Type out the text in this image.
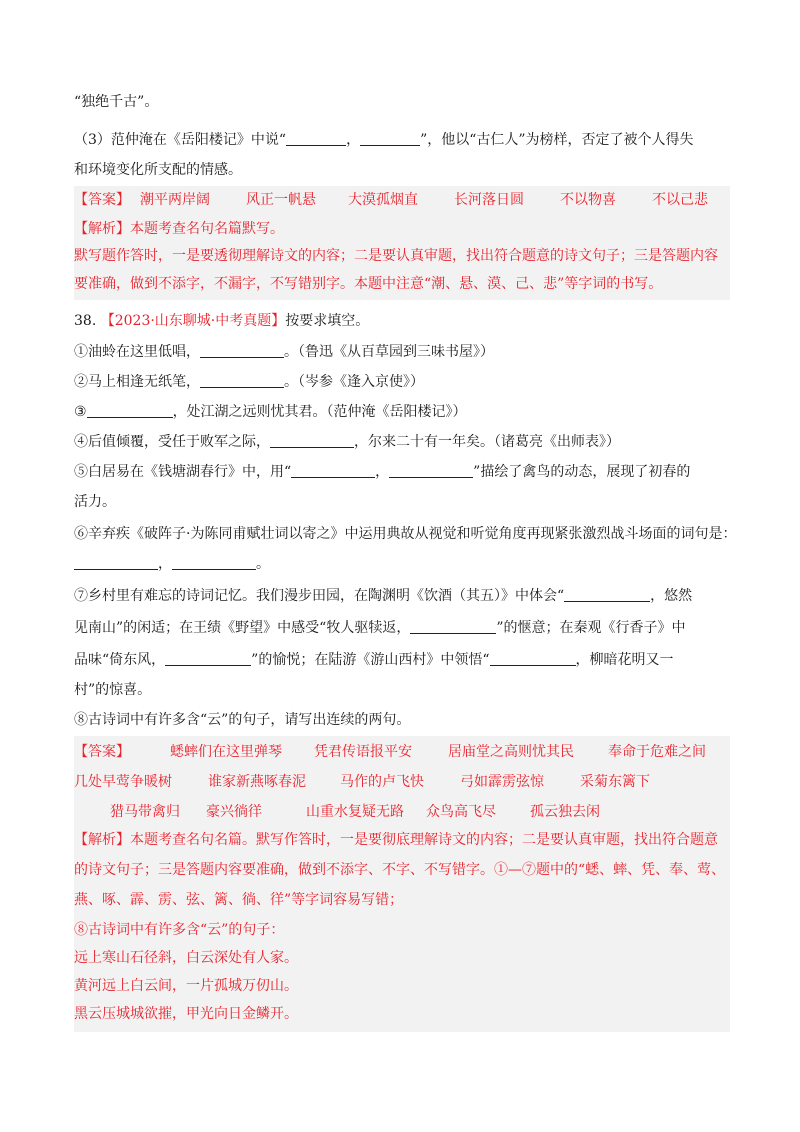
“独绝千古”。
（3）范仲淹在《岳阳楼记》中说“	，	”，他以“古仁人”为榜样，否定了被个人得失
和环境变化所支配的情感。
【答案】 潮平两岸阔	风正一帆悬 大漠孤烟直	长河落日圆	不以物喜	不以己悲
【解析】本题考查名句名篇默写。
默写题作答时，一是要透彻理解诗文的内容；二是要认真审题，找出符合题意的诗文句子；三是答题内容
要准确，做到不添字，不漏字，不写错别字。本题中注意“潮、悬、漠、己、悲”等字词的书写。
38. 【2023·山东聊城·中考真题】按要求填空。
①油蛉在这里低唱，	。（鲁迅《从百草园到三味书屋》）
②马上相逢无纸笔，	。（岑参《逢入京使》）
③	，处江湖之远则忧其君。（范仲淹《岳阳楼记》）
④后值倾覆，受任于败军之际，	，尔来二十有一年矣。（诸葛亮《出师表》）
⑤白居易在《钱塘湖春行》中，用“	，	”描绘了禽鸟的动态，展现了初春的
活力。
⑥辛弃疾《破阵子·为陈同甫赋壮词以寄之》中运用典故从视觉和听觉角度再现紧张激烈战斗场面的词句是：
，	。
⑦乡村里有难忘的诗词记忆。我们漫步田园，在陶渊明《饮酒（其五）》中体会“	，悠然
见南山”的闲适；在王绩《野望》中感受“牧人驱犊返，	”的惬意；在秦观《行香子》中
品味“倚东风，	”的愉悦；在陆游《游山西村》中领悟“	，柳暗花明又一
村”的惊喜。
⑧古诗词中有许多含“云”的句子，请写出连续的两句。
【答案】	蟋蟀们在这里弹琴 凭君传语报平安	居庙堂之高则忧其民 奉命于危难之间
几处早莺争暖树	谁家新燕啄春泥 马作的卢飞快	弓如霹雳弦惊	采菊东篱下
猎马带禽归 豪兴徜徉	山重水复疑无路 众鸟高飞尽 孤云独去闲
【解析】本题考查名句名篇。默写作答时，一是要彻底理解诗文的内容；二是要认真审题，找出符合题意
的诗文句子；三是答题内容要准确，做到不添字、不字、不写错字。①—⑦题中的“蟋、蟀、凭、奉、莺、
燕、啄、霹、雳、弦、篱、徜、徉”等字词容易写错；
⑧古诗词中有许多含“云”的句子：
远上寒山石径斜，白云深处有人家。
黄河远上白云间，一片孤城万仞山。
黑云压城城欲摧，甲光向日金鳞开。
